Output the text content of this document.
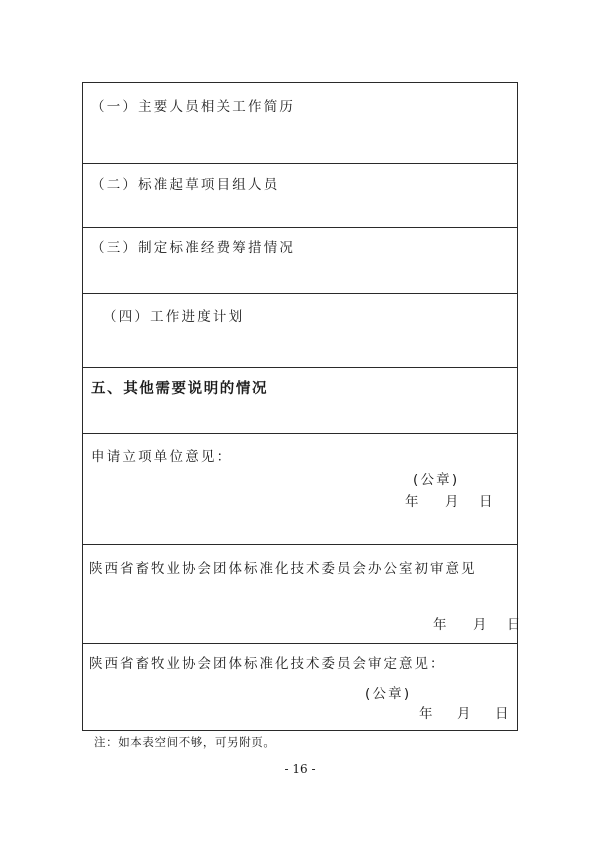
（一）主要人员相关工作简历
（二）标准起草项目组人员
（三）制定标准经费筹措情况
（四）工作进度计划
五、其他需要说明的情况
申请立项单位意见：
(公章)
年 月 日
陕西省畜牧业协会团体标准化技术委员会办公室初审意见
年 月 日
陕西省畜牧业协会团体标准化技术委员会审定意见：
(公章)
年 月 日
注：如本表空间不够，可另附页。
- 16 -
